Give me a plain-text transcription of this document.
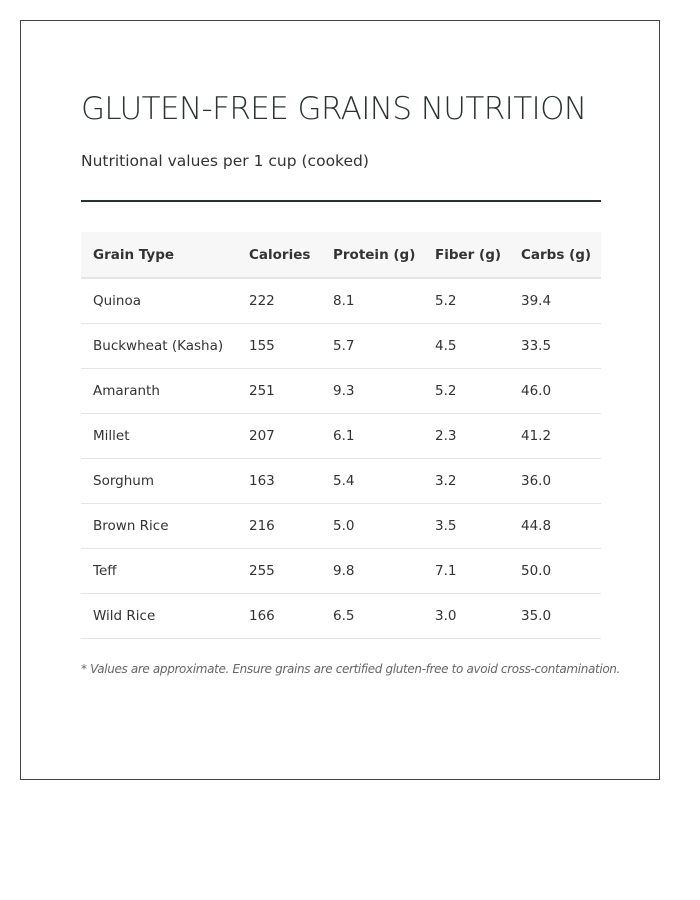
GLUTEN-FREE GRAINS NUTRITION
Nutritional values per 1 cup (cooked)
Grain Type	Calories	Protein (g)	Fiber (g)	Carbs (g)
Quinoa	222	8.1	5.2	39.4
Buckwheat (Kasha)	155	5.7	4.5	33.5
Amaranth	251	9.3	5.2	46.0
Millet	207	6.1	2.3	41.2
Sorghum	163	5.4	3.2	36.0
Brown Rice	216	5.0	3.5	44.8
Teff	255	9.8	7.1	50.0
Wild Rice	166	6.5	3.0	35.0
* Values are approximate. Ensure grains are certified gluten-free to avoid cross-contamination.
